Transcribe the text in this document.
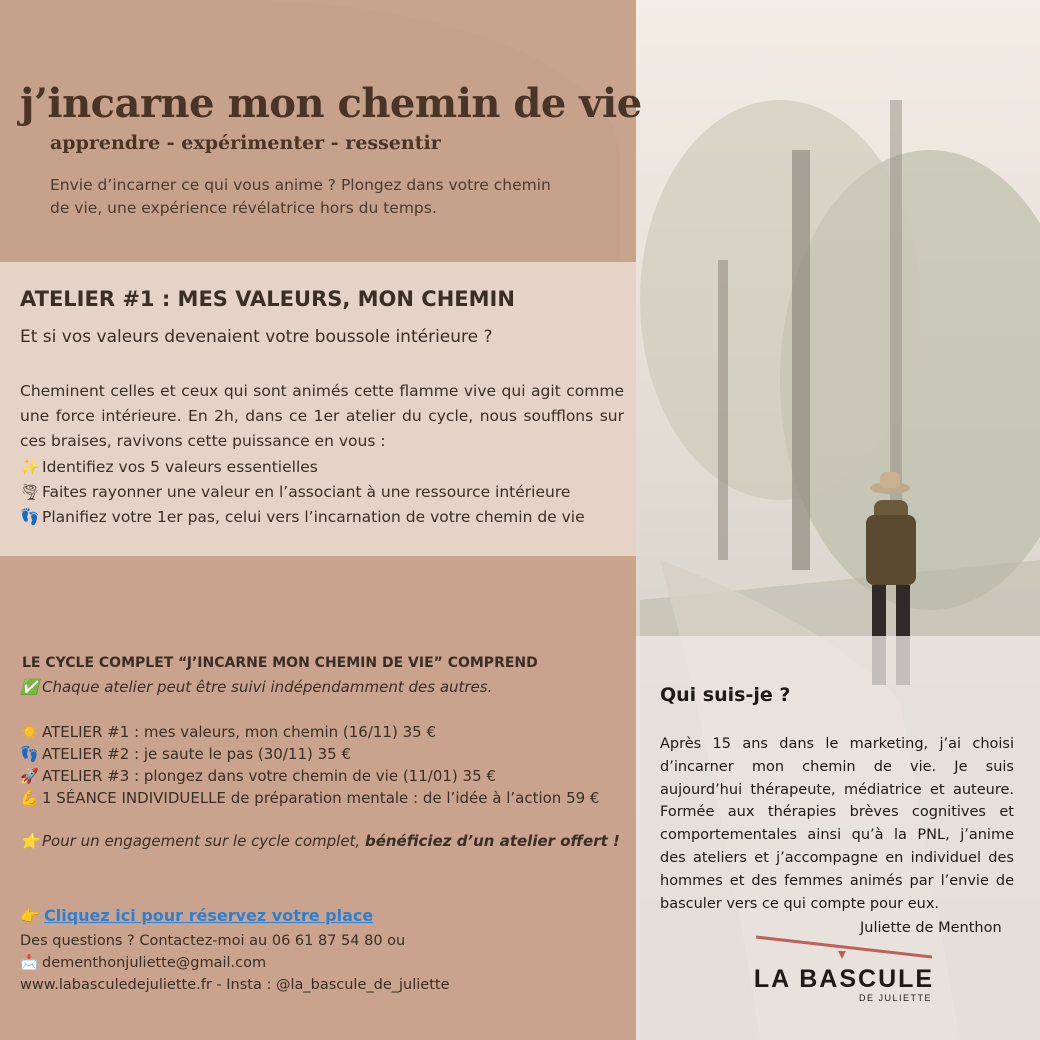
j’incarne mon chemin de vie
apprendre - expérimenter - ressentir
Envie d’incarner ce qui vous anime ? Plongez dans votre chemin de vie, une expérience révélatrice hors du temps.
ATELIER #1 : MES VALEURS, MON CHEMIN
Et si vos valeurs devenaient votre boussole intérieure ?
Cheminent celles et ceux qui sont animés cette flamme vive qui agit comme une force intérieure. En 2h, dans ce 1er atelier du cycle, nous soufflons sur ces braises, ravivons cette puissance en vous :
✨ Identifiez vos 5 valeurs essentielles
🌪 Faites rayonner une valeur en l’associant à une ressource intérieure
👣 Planifiez votre 1er pas, celui vers l’incarnation de votre chemin de vie
LE CYCLE COMPLET “J’INCARNE MON CHEMIN DE VIE” COMPREND
✅ Chaque atelier peut être suivi indépendamment des autres.
☀️ ATELIER #1 : mes valeurs, mon chemin (16/11) 35 €
👣 ATELIER #2 : je saute le pas (30/11) 35 €
🚀 ATELIER #3 : plongez dans votre chemin de vie (11/01) 35 €
💪 1 SÉANCE INDIVIDUELLE de préparation mentale : de l’idée à l’action 59 €
⭐ Pour un engagement sur le cycle complet, bénéficiez d’un atelier offert !
👉 Cliquez ici pour réservez votre place
Des questions ? Contactez-moi au 06 61 87 54 80 ou
📩 dementhonjuliette@gmail.com
www.labasculedejuliette.fr - Insta : @la_bascule_de_juliette
Qui suis-je ?
Après 15 ans dans le marketing, j’ai choisi d’incarner mon chemin de vie. Je suis aujourd’hui thérapeute, médiatrice et auteure. Formée aux thérapies brèves cognitives et comportementales ainsi qu’à la PNL, j’anime des ateliers et j’accompagne en individuel des hommes et des femmes animés par l’envie de basculer vers ce qui compte pour eux.
Juliette de Menthon
LA BASCULE
DE JULIETTE
